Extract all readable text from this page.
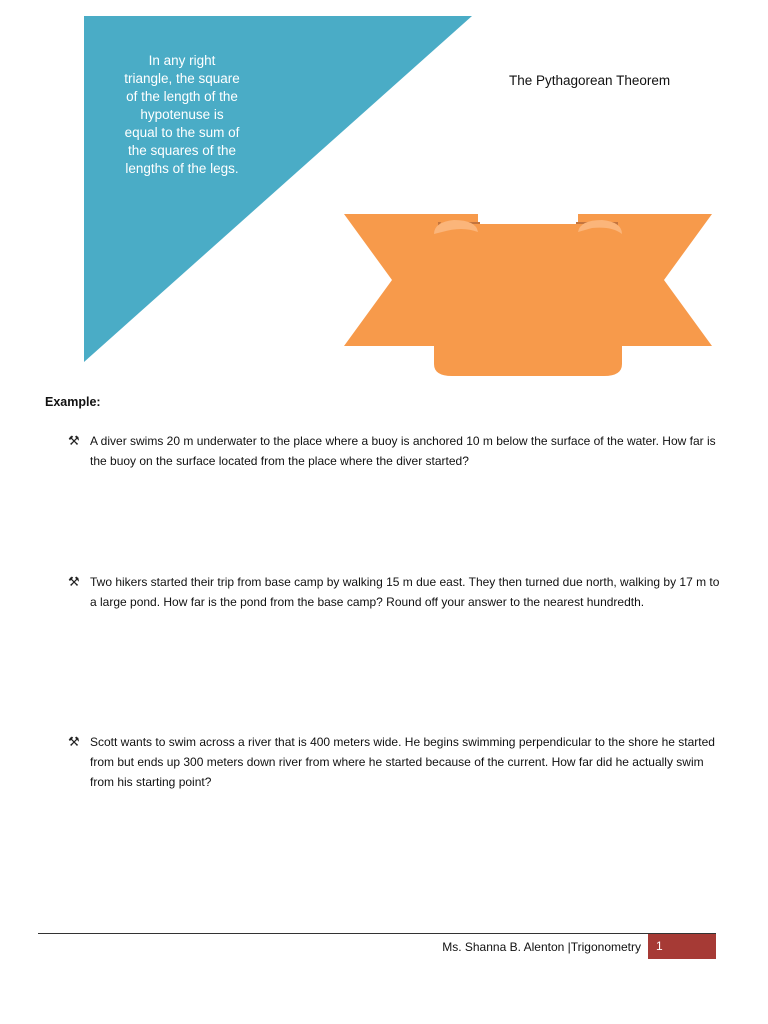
In any right triangle, the square of the length of the hypotenuse is equal to the sum of the squares of the lengths of the legs.
The Pythagorean Theorem
Example:
⚒ A diver swims 20 m underwater to the place where a buoy is anchored 10 m below the surface of the water. How far is the buoy on the surface located from the place where the diver started?
⚒ Two hikers started their trip from base camp by walking 15 m due east. They then turned due north, walking by 17 m to a large pond. How far is the pond from the base camp? Round off your answer to the nearest hundredth.
⚒ Scott wants to swim across a river that is 400 meters wide. He begins swimming perpendicular to the shore he started from but ends up 300 meters down river from where he started because of the current. How far did he actually swim from his starting point?
Ms. Shanna B. Alenton |Trigonometry	1
